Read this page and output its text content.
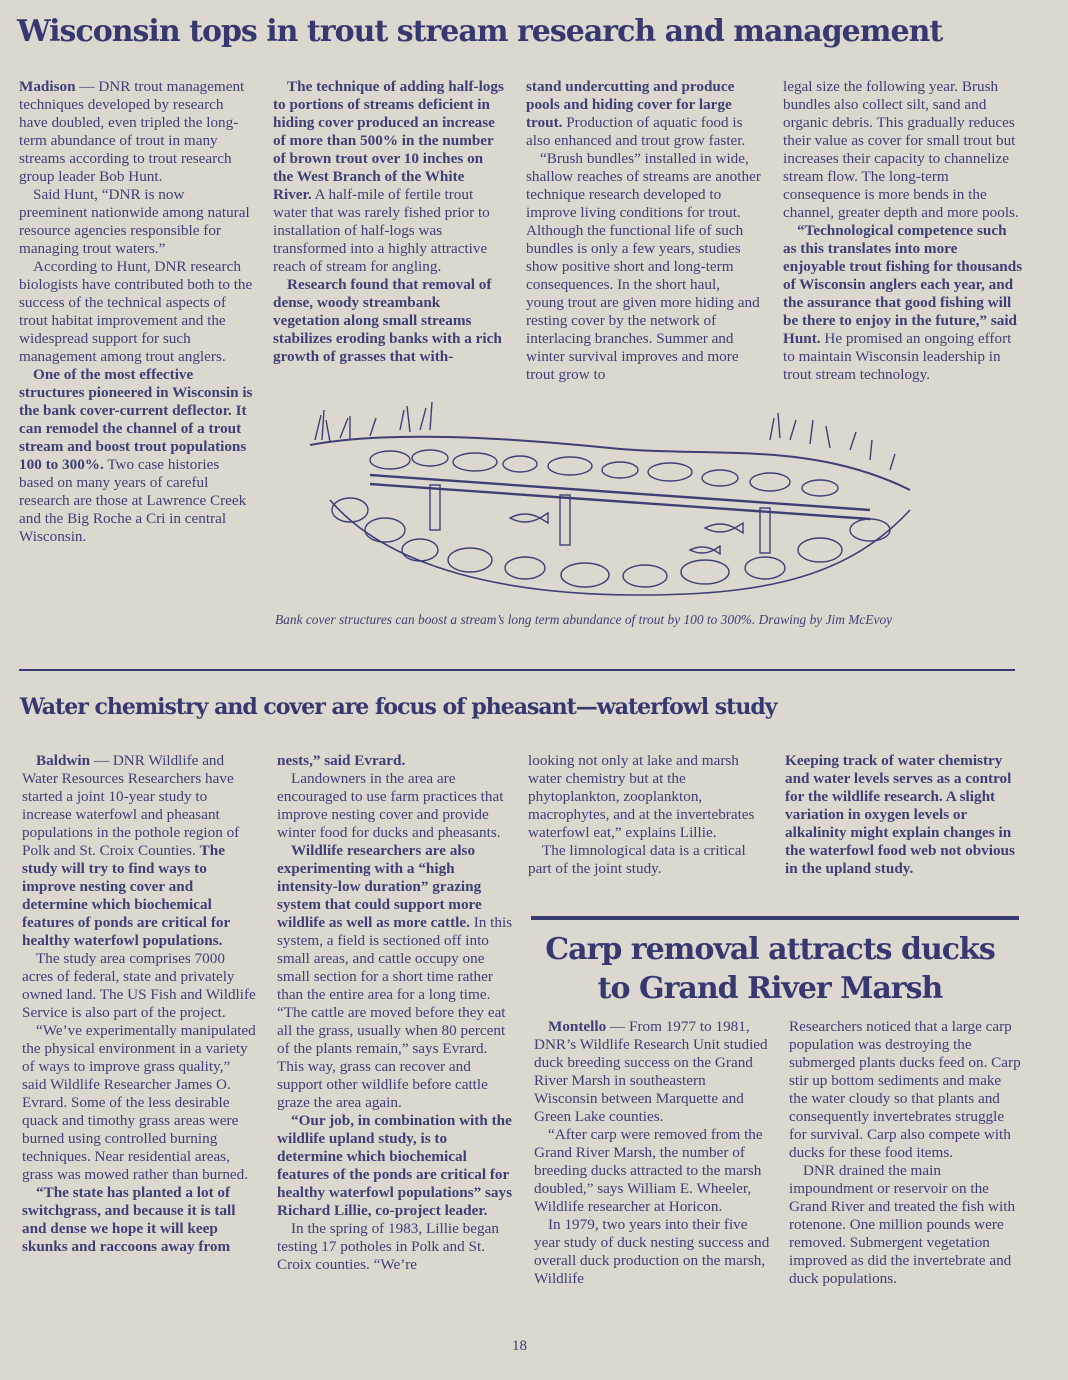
Wisconsin tops in trout stream research and management

Madison — DNR trout management techniques developed by research have doubled, even tripled the long-term abundance of trout in many streams according to trout research group leader Bob Hunt.

Said Hunt, “DNR is now preeminent nationwide among natural resource agencies responsible for managing trout waters.”

According to Hunt, DNR research biologists have contributed both to the success of the technical aspects of trout habitat improvement and the widespread support for such management among trout anglers.

One of the most effective structures pioneered in Wisconsin is the bank cover-current deflector. It can remodel the channel of a trout stream and boost trout populations 100 to 300%. Two case histories based on many years of careful research are those at Lawrence Creek and the Big Roche a Cri in central Wisconsin.

The technique of adding half-logs to portions of streams deficient in hiding cover produced an increase of more than 500% in the number of brown trout over 10 inches on the West Branch of the White River. A half-mile of fertile trout water that was rarely fished prior to installation of half-logs was transformed into a highly attractive reach of stream for angling.

Research found that removal of dense, woody streambank vegetation along small streams stabilizes eroding banks with a rich growth of grasses that with-

stand undercutting and produce pools and hiding cover for large trout. Production of aquatic food is also enhanced and trout grow faster.

“Brush bundles” installed in wide, shallow reaches of streams are another technique research developed to improve living conditions for trout. Although the functional life of such bundles is only a few years, studies show positive short and long-term consequences. In the short haul, young trout are given more hiding and resting cover by the network of interlacing branches. Summer and winter survival improves and more trout grow to

legal size the following year. Brush bundles also collect silt, sand and organic debris. This gradually reduces their value as cover for small trout but increases their capacity to channelize stream flow. The long-term consequence is more bends in the channel, greater depth and more pools.

“Technological competence such as this translates into more enjoyable trout fishing for thousands of Wisconsin anglers each year, and the assurance that good fishing will be there to enjoy in the future,” said Hunt. He promised an ongoing effort to maintain Wisconsin leadership in trout stream technology.

Bank cover structures can boost a stream’s long term abundance of trout by 100 to 300%. Drawing by Jim McEvoy
Water chemistry and cover are focus of pheasant—waterfowl study

Baldwin — DNR Wildlife and Water Resources Researchers have started a joint 10-year study to increase waterfowl and pheasant populations in the pothole region of Polk and St. Croix Counties. The study will try to find ways to improve nesting cover and determine which biochemical features of ponds are critical for healthy waterfowl populations.

The study area comprises 7000 acres of federal, state and privately owned land. The US Fish and Wildlife Service is also part of the project.

“We’ve experimentally manipulated the physical environment in a variety of ways to improve grass quality,” said Wildlife Researcher James O. Evrard. Some of the less desirable quack and timothy grass areas were burned using controlled burning techniques. Near residential areas, grass was mowed rather than burned.

“The state has planted a lot of switchgrass, and because it is tall and dense we hope it will keep skunks and raccoons away from

nests,” said Evrard.

Landowners in the area are encouraged to use farm practices that improve nesting cover and provide winter food for ducks and pheasants.

Wildlife researchers are also experimenting with a “high intensity-low duration” grazing system that could support more wildlife as well as more cattle. In this system, a field is sectioned off into small areas, and cattle occupy one small section for a short time rather than the entire area for a long time. “The cattle are moved before they eat all the grass, usually when 80 percent of the plants remain,” says Evrard. This way, grass can recover and support other wildlife before cattle graze the area again.

“Our job, in combination with the wildlife upland study, is to determine which biochemical features of the ponds are critical for healthy waterfowl populations” says Richard Lillie, co-project leader.

In the spring of 1983, Lillie began testing 17 potholes in Polk and St. Croix counties. “We’re

looking not only at lake and marsh water chemistry but at the phytoplankton, zooplankton, macrophytes, and at the invertebrates waterfowl eat,” explains Lillie.

The limnological data is a critical part of the joint study.

Keeping track of water chemistry and water levels serves as a control for the wildlife research. A slight variation in oxygen levels or alkalinity might explain changes in the waterfowl food web not obvious in the upland study.

Carp removal attracts ducks to Grand River Marsh

Montello — From 1977 to 1981, DNR’s Wildlife Research Unit studied duck breeding success on the Grand River Marsh in southeastern Wisconsin between Marquette and Green Lake counties.

“After carp were removed from the Grand River Marsh, the number of breeding ducks attracted to the marsh doubled,” says William E. Wheeler, Wildlife researcher at Horicon.

In 1979, two years into their five year study of duck nesting success and overall duck production on the marsh, Wildlife

Researchers noticed that a large carp population was destroying the submerged plants ducks feed on. Carp stir up bottom sediments and make the water cloudy so that plants and consequently invertebrates struggle for survival. Carp also compete with ducks for these food items.

DNR drained the main impoundment or reservoir on the Grand River and treated the fish with rotenone. One million pounds were removed. Submergent vegetation improved as did the invertebrate and duck populations.

18
